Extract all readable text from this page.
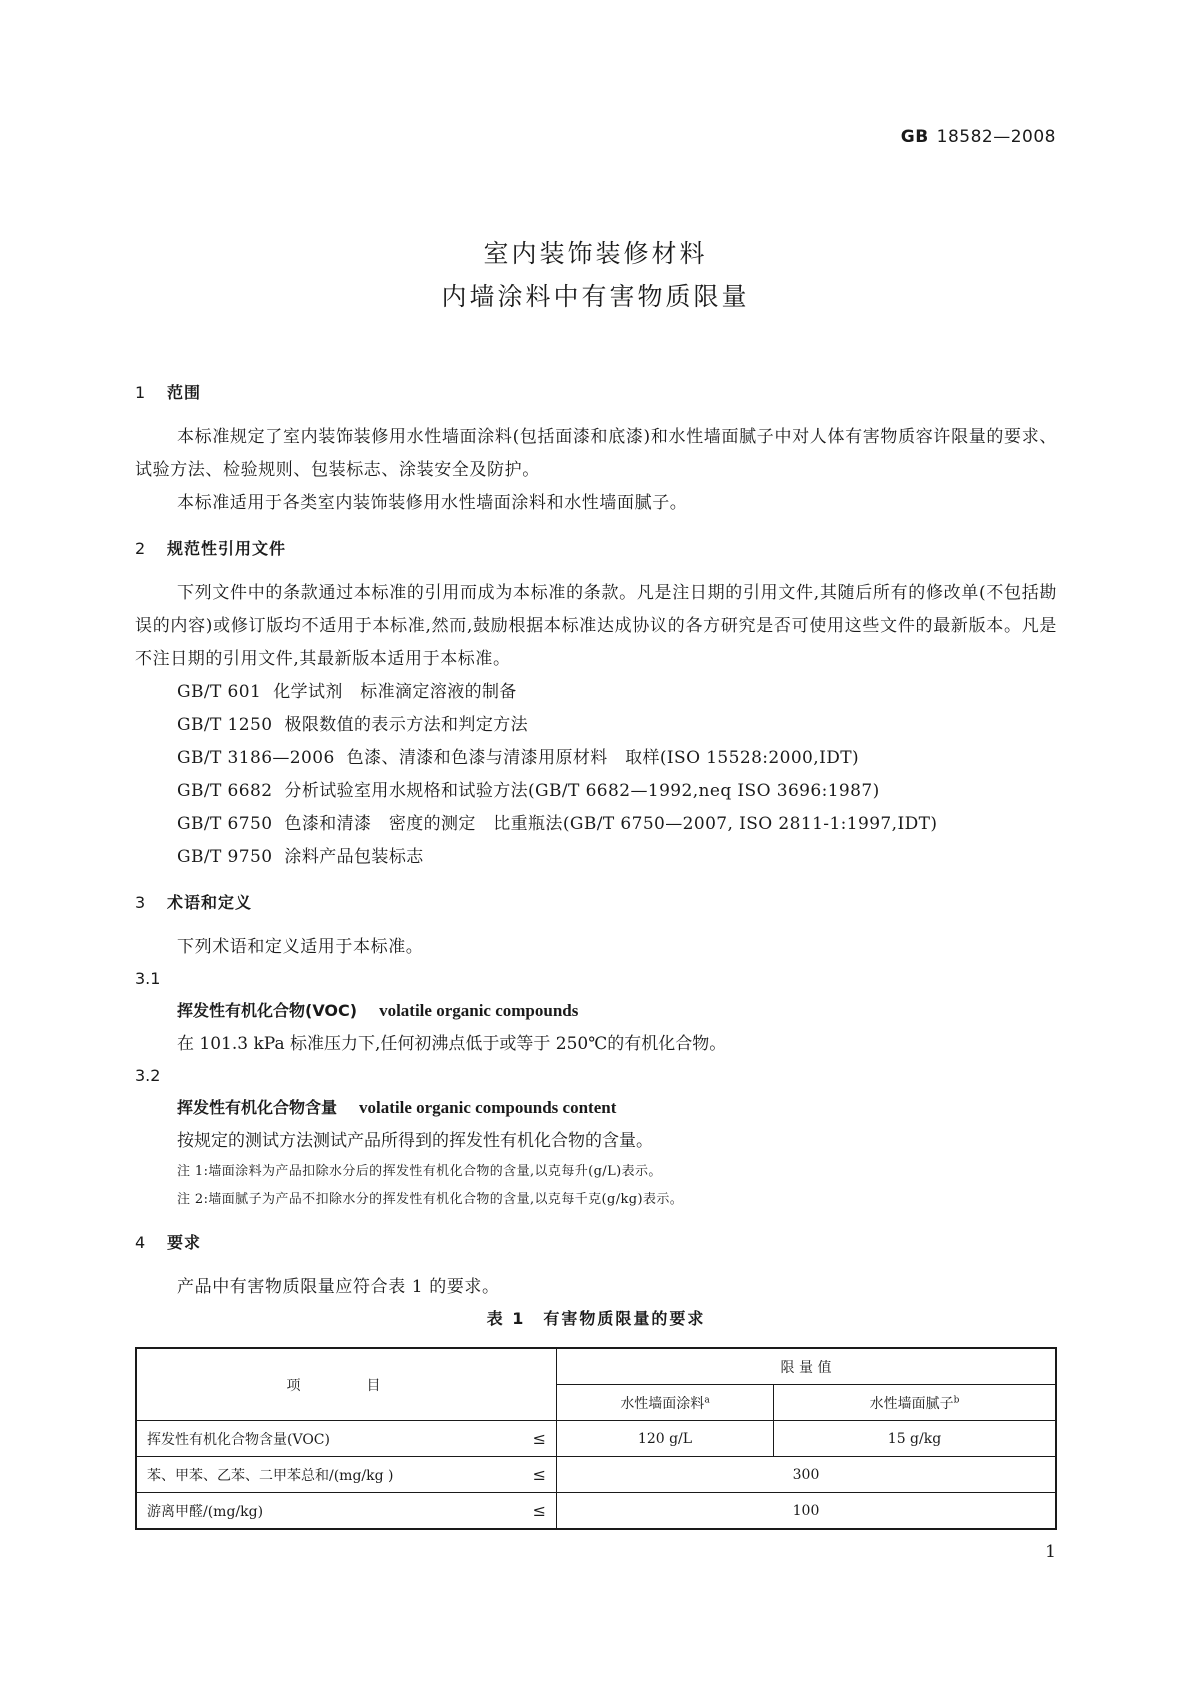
GB 18582—2008
室内装饰装修材料
内墙涂料中有害物质限量
1 范围
本标准规定了室内装饰装修用水性墙面涂料(包括面漆和底漆)和水性墙面腻子中对人体有害物质容许限量的要求、试验方法、检验规则、包装标志、涂装安全及防护。
本标准适用于各类室内装饰装修用水性墙面涂料和水性墙面腻子。
2 规范性引用文件
下列文件中的条款通过本标准的引用而成为本标准的条款。凡是注日期的引用文件,其随后所有的修改单(不包括勘误的内容)或修订版均不适用于本标准,然而,鼓励根据本标准达成协议的各方研究是否可使用这些文件的最新版本。凡是不注日期的引用文件,其最新版本适用于本标准。
GB/T 601 化学试剂　标准滴定溶液的制备
GB/T 1250 极限数值的表示方法和判定方法
GB/T 3186—2006 色漆、清漆和色漆与清漆用原材料　取样(ISO 15528:2000,IDT)
GB/T 6682 分析试验室用水规格和试验方法(GB/T 6682—1992,neq ISO 3696:1987)
GB/T 6750 色漆和清漆　密度的测定　比重瓶法(GB/T 6750—2007, ISO 2811-1:1997,IDT)
GB/T 9750 涂料产品包装标志
3 术语和定义
下列术语和定义适用于本标准。
3.1
挥发性有机化合物(VOC) volatile organic compounds
在 101.3 kPa 标准压力下,任何初沸点低于或等于 250℃的有机化合物。
3.2
挥发性有机化合物含量 volatile organic compounds content
按规定的测试方法测试产品所得到的挥发性有机化合物的含量。
注 1:墙面涂料为产品扣除水分后的挥发性有机化合物的含量,以克每升(g/L)表示。
注 2:墙面腻子为产品不扣除水分的挥发性有机化合物的含量,以克每千克(g/kg)表示。
4 要求
产品中有害物质限量应符合表 1 的要求。
表 1　有害物质限量的要求
项　目	限 量 值	
	水性墙面涂料$^a$	水性墙面腻子$^b$

挥发性有机化合物含量(VOC) ≤	120 g/L	15 g/kg

苯、甲苯、乙苯、二甲苯总和/(mg/kg ) ≤	300	

游离甲醛/(mg/kg) ≤	100	
1
